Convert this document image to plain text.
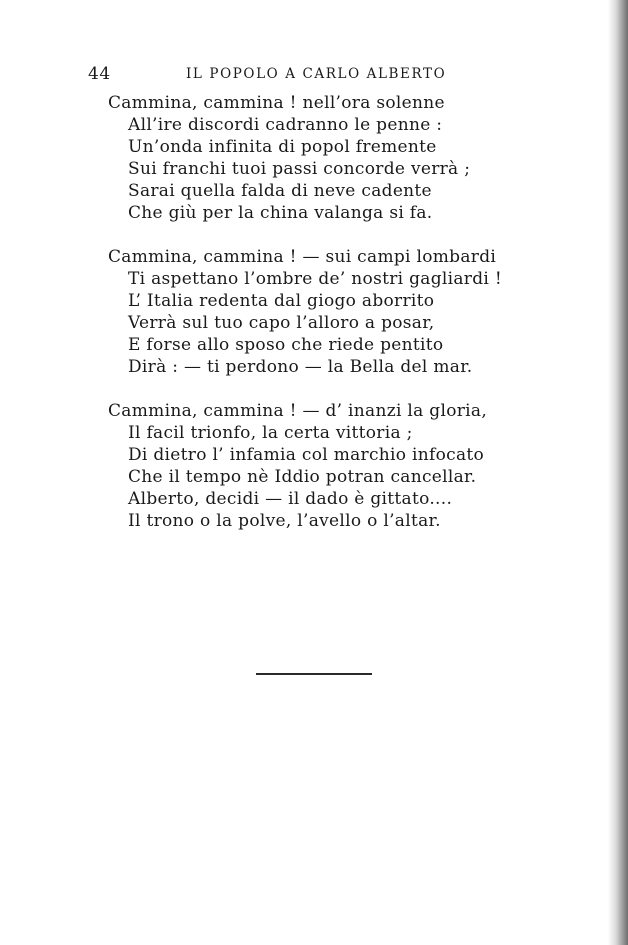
44	IL POPOLO A CARLO ALBERTO
Cammina, cammina ! nell’ora solenne
All’ire discordi cadranno le penne :
Un’onda infinita di popol fremente
Sui franchi tuoi passi concorde verrà ;
Sarai quella falda di neve cadente
Che giù per la china valanga si fa.
Cammina, cammina ! — sui campi lombardi
Ti aspettano l’ombre de’ nostri gagliardi !
L’ Italia redenta dal giogo aborrito
Verrà sul tuo capo l’alloro a posar,
E forse allo sposo che riede pentito
Dirà : — ti perdono — la Bella del mar.
Cammina, cammina ! — d’ inanzi la gloria,
Il facil trionfo, la certa vittoria ;
Di dietro l’ infamia col marchio infocato
Che il tempo nè Iddio potran cancellar.
Alberto, decidi — il dado è gittato....
Il trono o la polve, l’avello o l’altar.
